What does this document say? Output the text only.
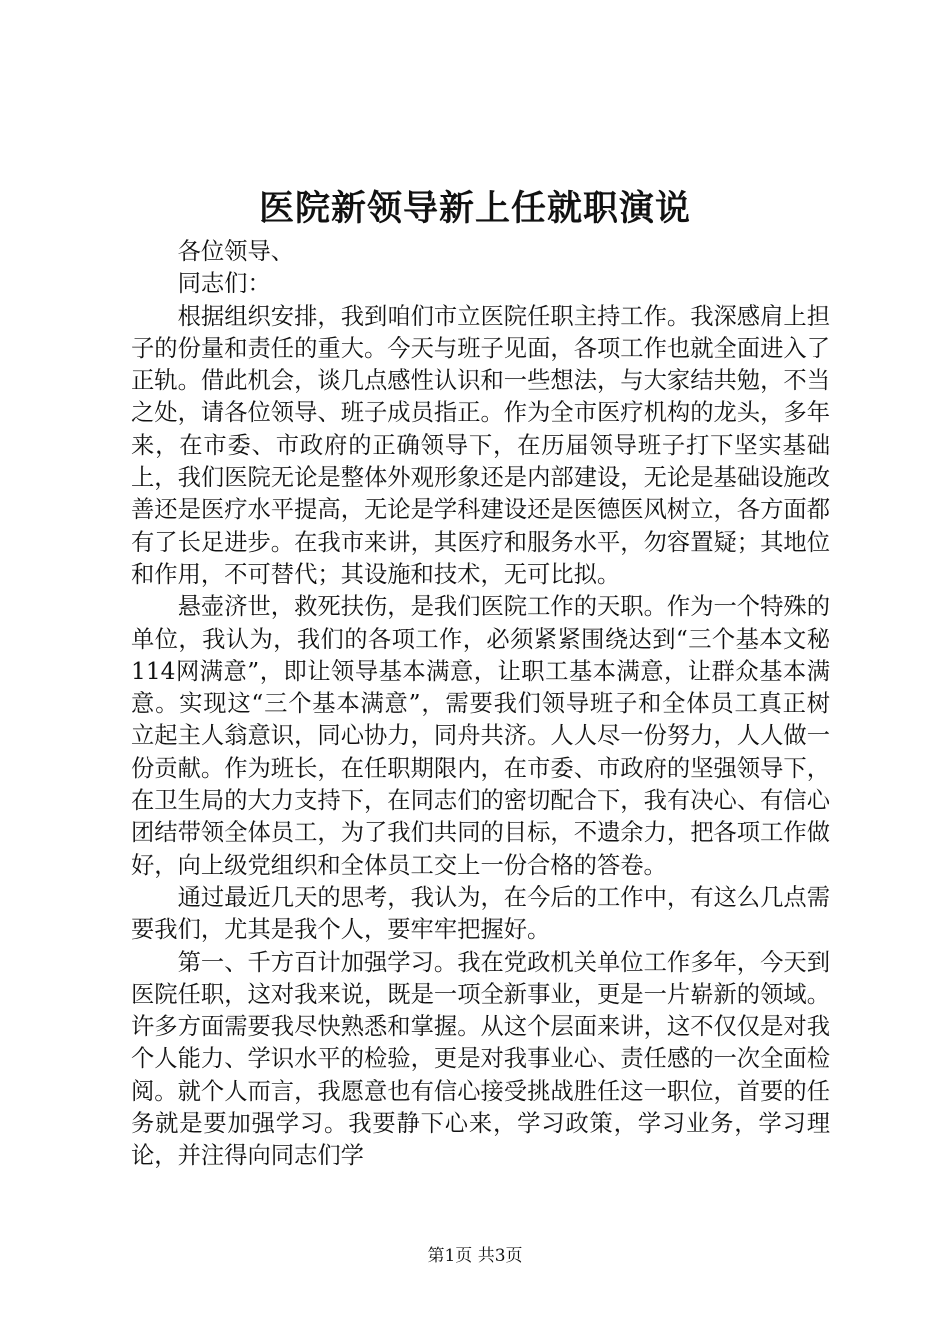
医院新领导新上任就职演说

各位领导、

同志们：

根据组织安排，我到咱们市立医院任职主持工作。我深感肩上担子的份量和责任的重大。今天与班子见面，各项工作也就全面进入了正轨。借此机会，谈几点感性认识和一些想法，与大家结共勉，不当之处，请各位领导、班子成员指正。作为全市医疗机构的龙头，多年来，在市委、市政府的正确领导下，在历届领导班子打下坚实基础上，我们医院无论是整体外观形象还是内部建设，无论是基础设施改善还是医疗水平提高，无论是学科建设还是医德医风树立，各方面都有了长足进步。在我市来讲，其医疗和服务水平，勿容置疑；其地位和作用，不可替代；其设施和技术，无可比拟。

悬壶济世，救死扶伤，是我们医院工作的天职。作为一个特殊的单位，我认为，我们的各项工作，必须紧紧围绕达到“三个基本文秘114网满意”，即让领导基本满意，让职工基本满意，让群众基本满意。实现这“三个基本满意”，需要我们领导班子和全体员工真正树立起主人翁意识，同心协力，同舟共济。人人尽一份努力，人人做一份贡献。作为班长，在任职期限内，在市委、市政府的坚强领导下，在卫生局的大力支持下，在同志们的密切配合下，我有决心、有信心团结带领全体员工，为了我们共同的目标，不遗余力，把各项工作做好，向上级党组织和全体员工交上一份合格的答卷。

通过最近几天的思考，我认为，在今后的工作中，有这么几点需要我们，尤其是我个人，要牢牢把握好。

第一、千方百计加强学习。我在党政机关单位工作多年，今天到医院任职，这对我来说，既是一项全新事业，更是一片崭新的领域。许多方面需要我尽快熟悉和掌握。从这个层面来讲，这不仅仅是对我个人能力、学识水平的检验，更是对我事业心、责任感的一次全面检阅。就个人而言，我愿意也有信心接受挑战胜任这一职位，首要的任务就是要加强学习。我要静下心来，学习政策，学习业务，学习理论，并注得向同志们学

第1页 共3页
